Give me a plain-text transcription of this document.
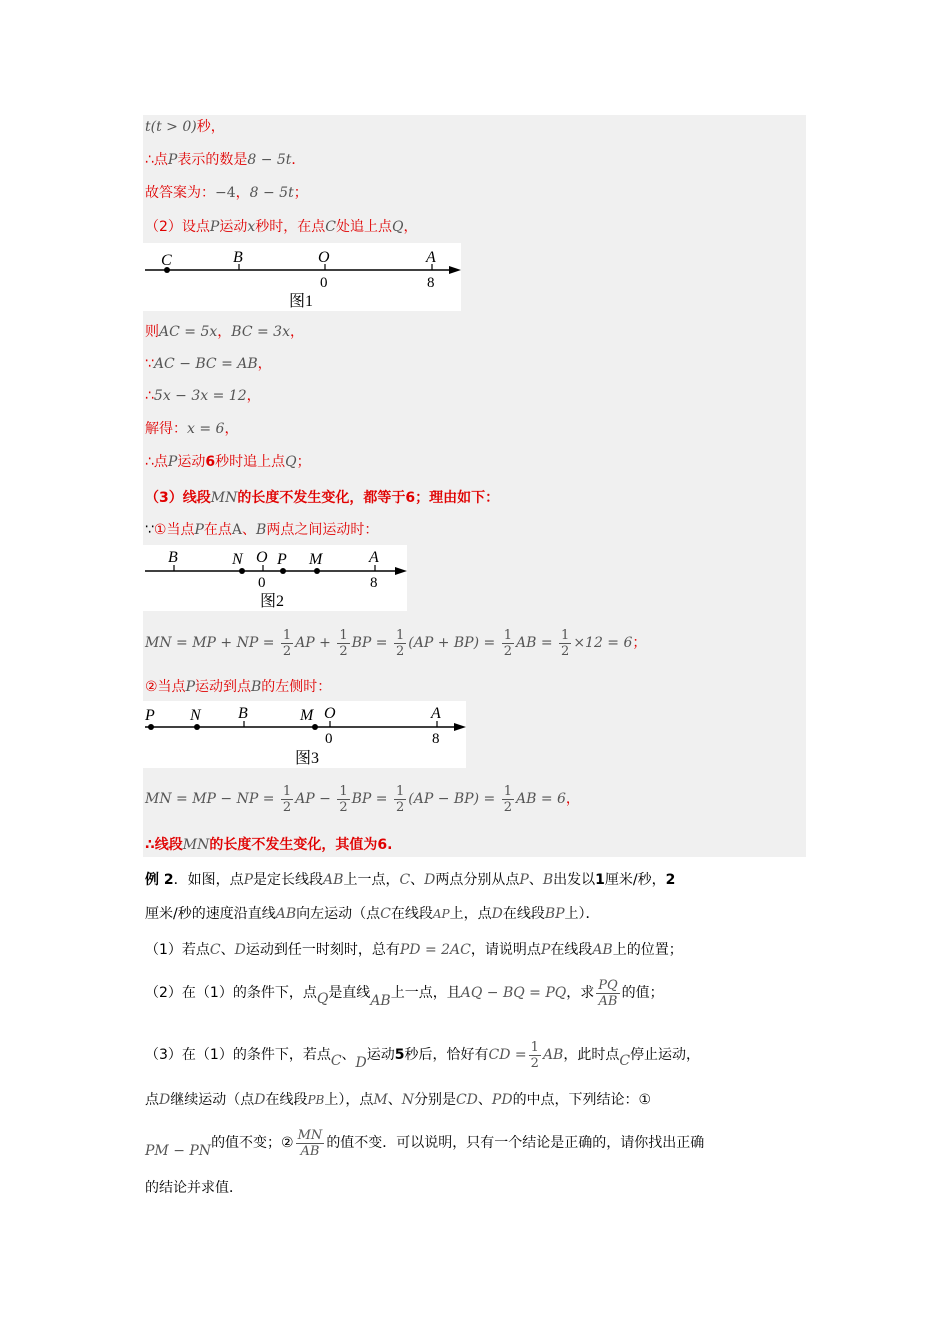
t(t > 0)秒，
∴点P表示的数是8 − 5t．
故答案为：−4，8 − 5t；
（2）设点P运动x秒时，在点C处追上点Q，
C	B	O	A
0	8
图1
则AC = 5x，BC = 3x，
∵AC − BC = AB，
∴5x − 3x = 12，
解得：x = 6，
∴点P运动6秒时追上点Q；
（3）线段MN的长度不发生变化，都等于6；理由如下：
∵①当点P在点A、B两点之间运动时：
B	N O P M	A
0	8
图2
MN = MP + NP = $\frac{1}{2}$ AP + $\frac{1}{2}$ BP = $\frac{1}{2} (AP + BP) = \frac{1}{2}$ AB = $\frac{1}{2} \times 12 = 6$；
②当点P运动到点B的左侧时：
P N B	M O	A
0	8
图3
MN = MP − NP = $\frac{1}{2}$ AP − $\frac{1}{2}$ BP = $\frac{1}{2} (AP - BP) = \frac{1}{2}$ AB = 6，
∴线段MN的长度不发生变化，其值为6.
例 2．如图，点P是定长线段AB上一点，C、D两点分别从点P、B出发以1厘米/秒，2
厘米/秒的速度沿直线AB向左运动（点C在线段AP上，点D在线段BP上）．
（1）若点C、D运动到任一时刻时，总有PD = 2AC，请说明点P在线段AB上的位置；
（2）在（1）的条件下，点Q是直线AB上一点，且AQ − BQ = PQ，求 $\frac{PQ}{AB}$ 的值；
（3）在（1）的条件下，若点C、D运动5秒后，恰好有CD = $\frac{1}{2}$ AB，此时点C停止运动，
点D继续运动（点D在线段PB上），点M、N分别是CD、PD的中点，下列结论：①
PM − PN的值不变；② $\frac{MN}{AB}$ 的值不变．可以说明，只有一个结论是正确的，请你找出正确
的结论并求值．
